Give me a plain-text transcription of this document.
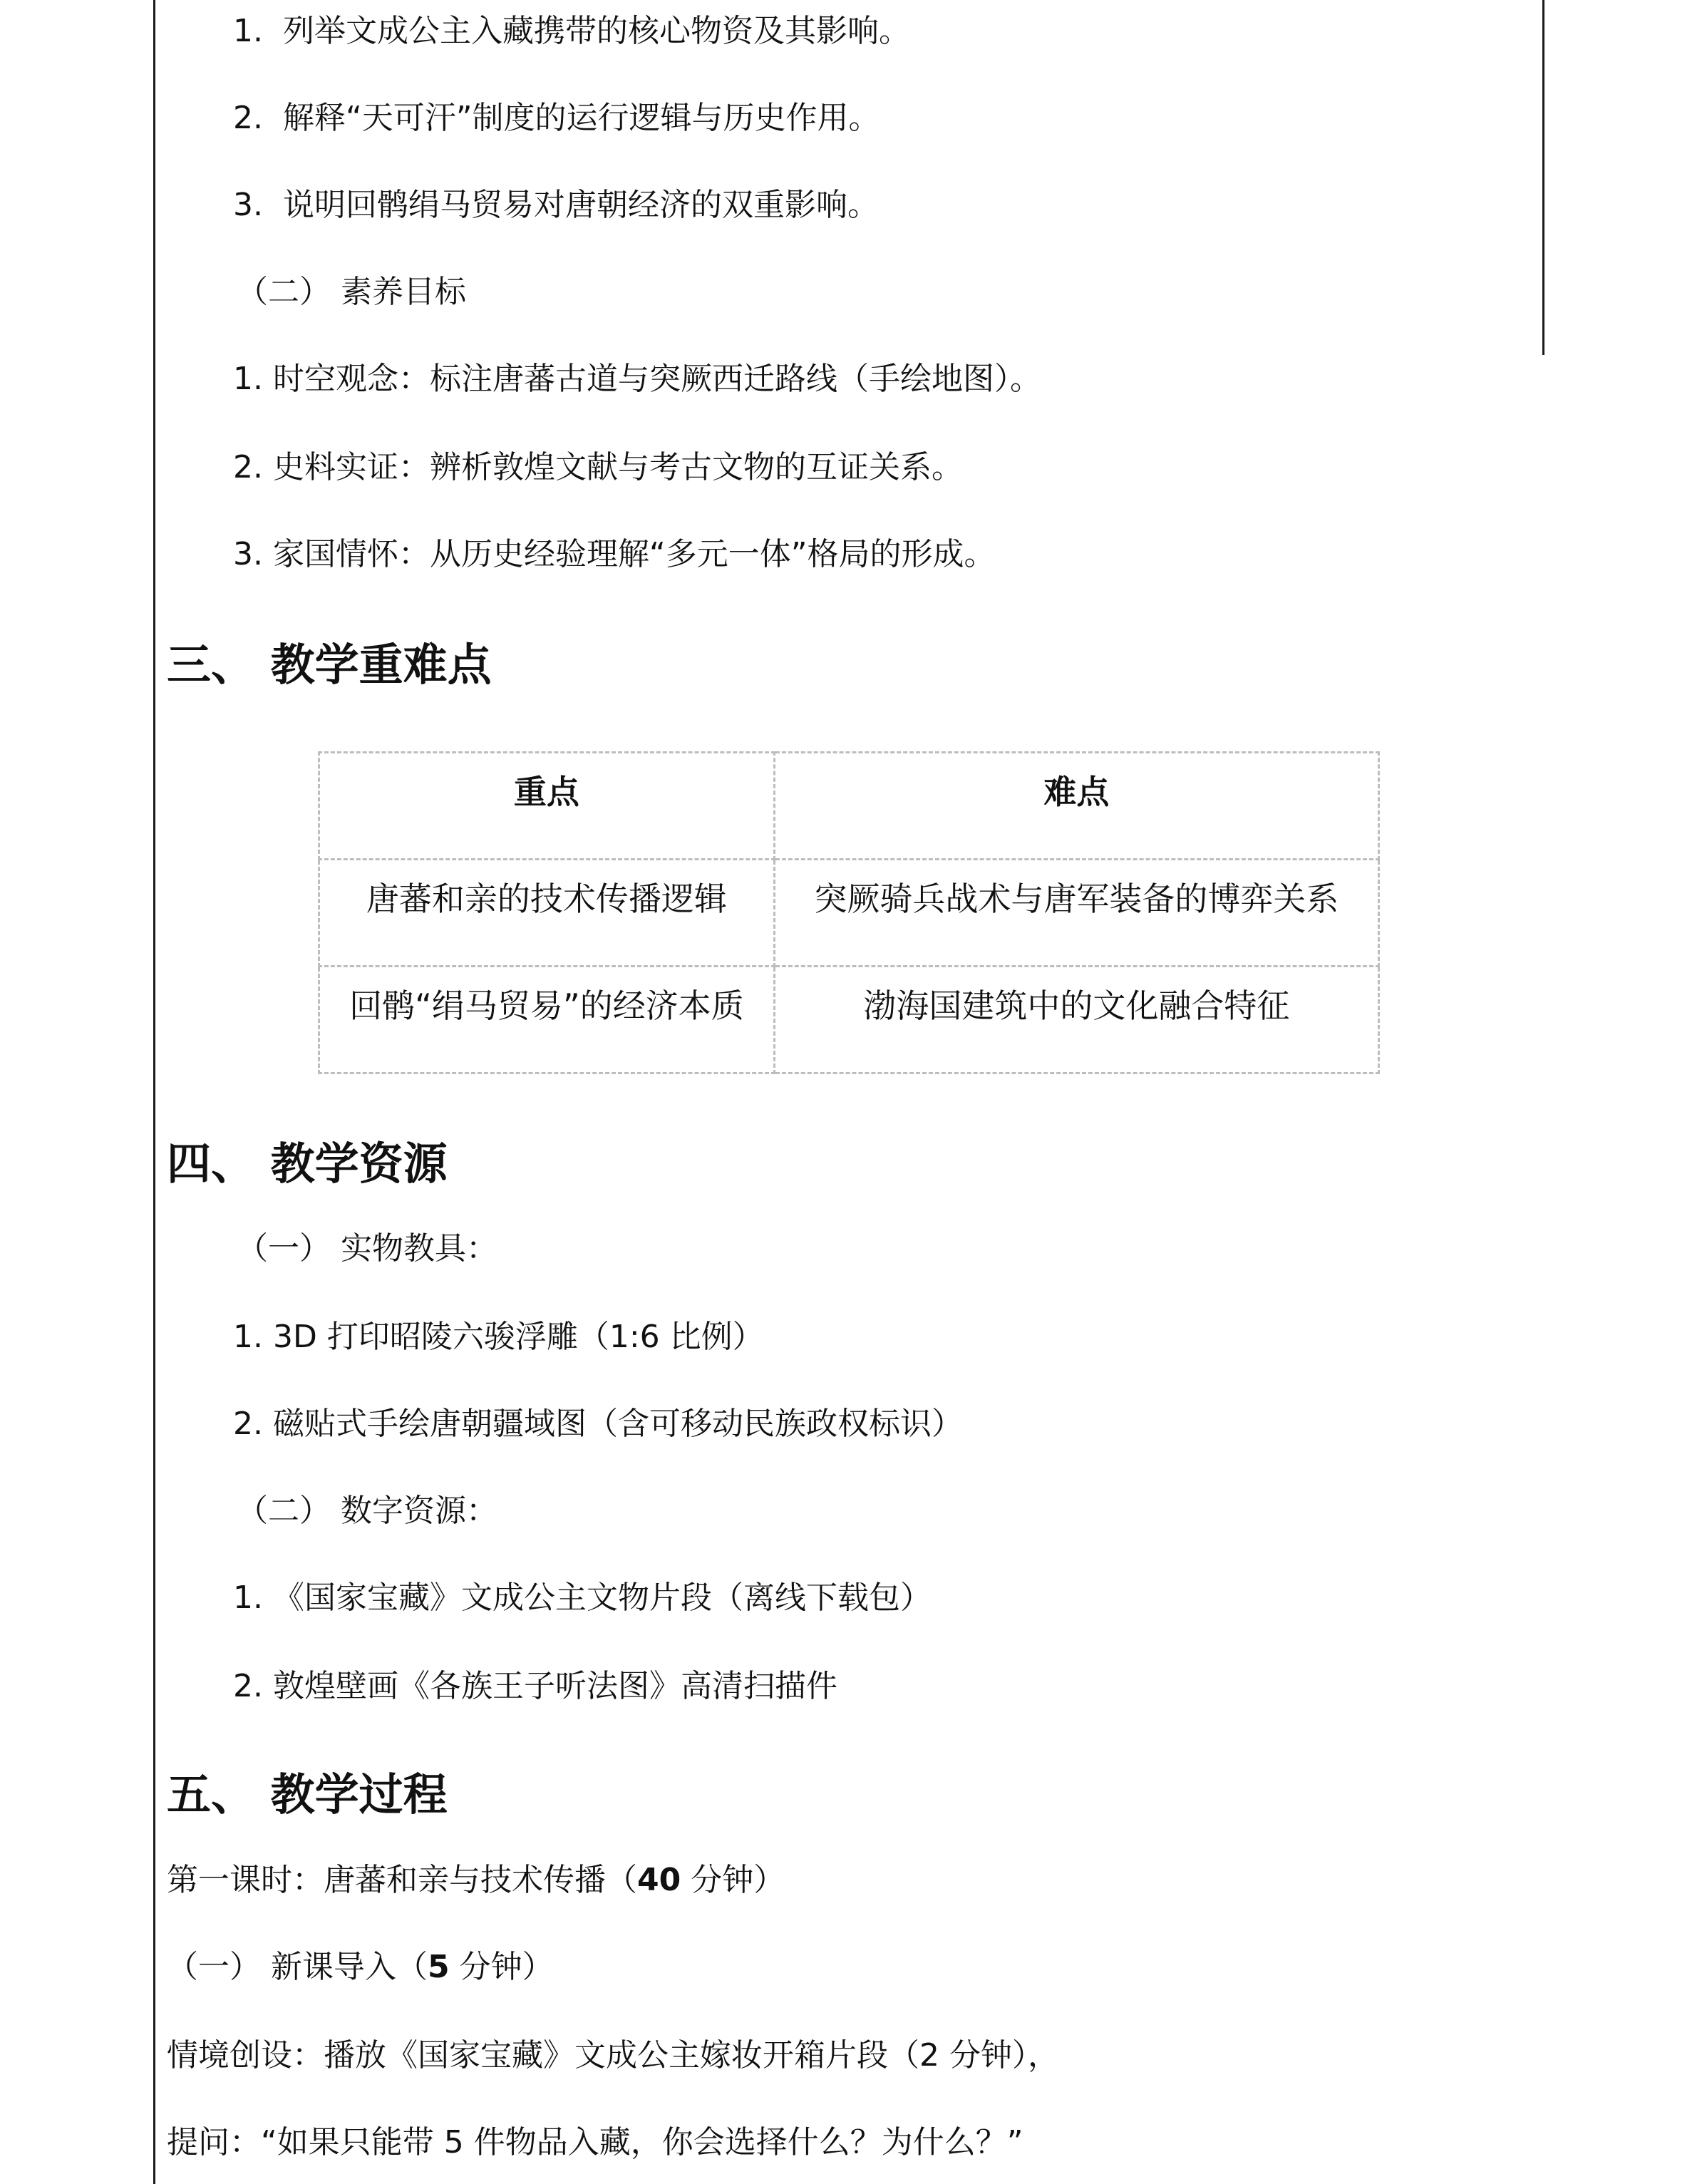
1. 列举文成公主入藏携带的核心物资及其影响。
2. 解释“天可汗”制度的运行逻辑与历史作用。
3. 说明回鹘绢马贸易对唐朝经济的双重影响。
（二） 素养目标
1. 时空观念：标注唐蕃古道与突厥西迁路线（手绘地图）。
2. 史料实证：辨析敦煌文献与考古文物的互证关系。
3. 家国情怀：从历史经验理解“多元一体”格局的形成。
三、 教学重难点
重点	难点
唐蕃和亲的技术传播逻辑	突厥骑兵战术与唐军装备的博弈关系
回鹘“绢马贸易”的经济本质	渤海国建筑中的文化融合特征
四、 教学资源
（一） 实物教具：
1. 3D 打印昭陵六骏浮雕（1:6 比例）
2. 磁贴式手绘唐朝疆域图（含可移动民族政权标识）
（二） 数字资源：
1. 《国家宝藏》文成公主文物片段（离线下载包）
2. 敦煌壁画《各族王子听法图》高清扫描件
五、 教学过程
第一课时：唐蕃和亲与技术传播（40 分钟）
（一） 新课导入（5 分钟）
情境创设：播放《国家宝藏》文成公主嫁妆开箱片段（2 分钟），
提问：“如果只能带 5 件物品入藏，你会选择什么？为什么？”
